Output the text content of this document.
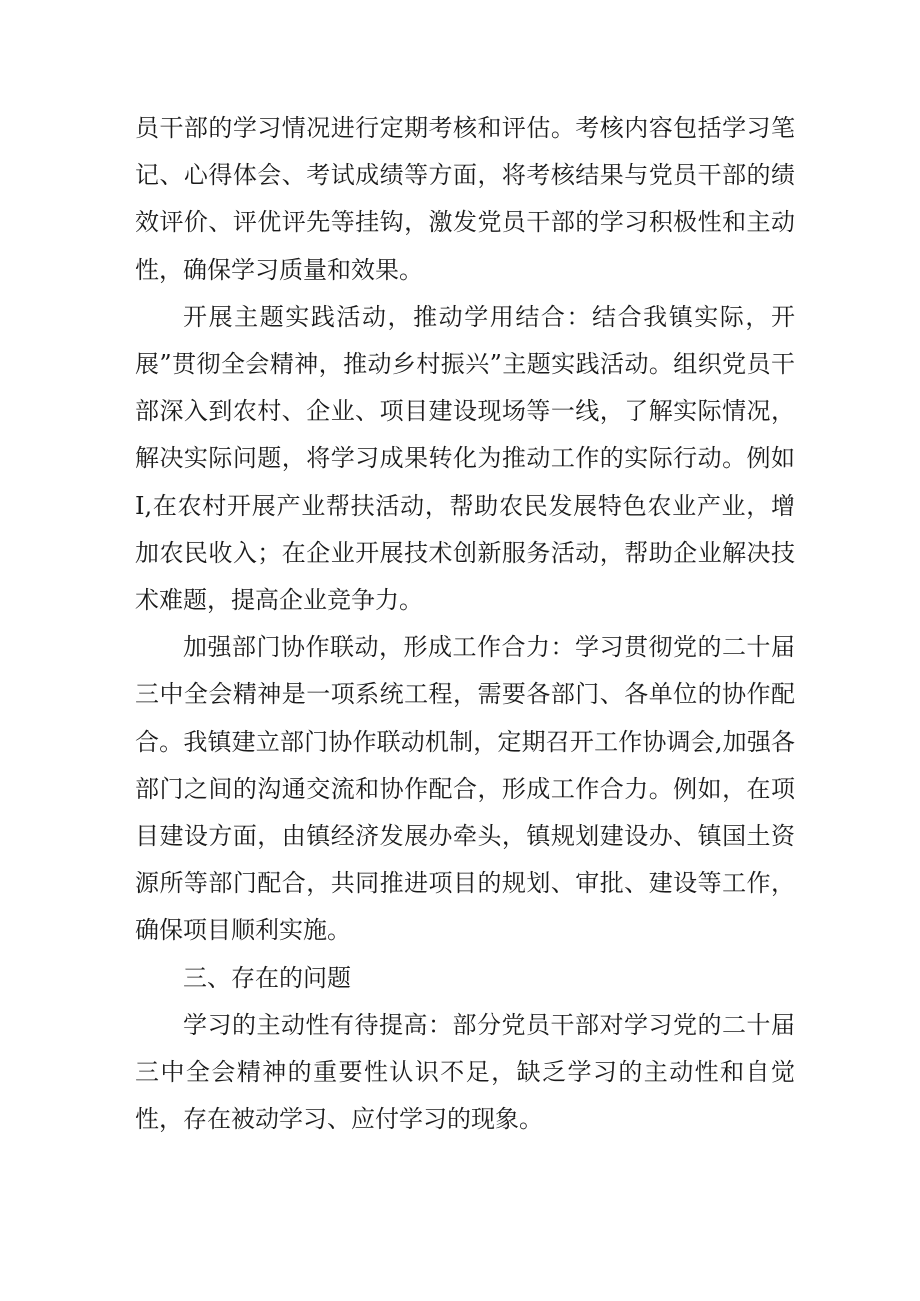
员干部的学习情况进行定期考核和评估。考核内容包括学习笔记、心得体会、考试成绩等方面，将考核结果与党员干部的绩效评价、评优评先等挂钩，激发党员干部的学习积极性和主动性，确保学习质量和效果。

开展主题实践活动，推动学用结合：结合我镇实际，开展”贯彻全会精神，推动乡村振兴”主题实践活动。组织党员干部深入到农村、企业、项目建设现场等一线，了解实际情况，解决实际问题，将学习成果转化为推动工作的实际行动。例如I,在农村开展产业帮扶活动，帮助农民发展特色农业产业，增加农民收入；在企业开展技术创新服务活动，帮助企业解决技术难题，提高企业竞争力。

加强部门协作联动，形成工作合力：学习贯彻党的二十届三中全会精神是一项系统工程，需要各部门、各单位的协作配合。我镇建立部门协作联动机制，定期召开工作协调会,加强各部门之间的沟通交流和协作配合，形成工作合力。例如，在项目建设方面，由镇经济发展办牵头，镇规划建设办、镇国土资源所等部门配合，共同推进项目的规划、审批、建设等工作，确保项目顺利实施。

三、存在的问题

学习的主动性有待提高：部分党员干部对学习党的二十届三中全会精神的重要性认识不足，缺乏学习的主动性和自觉性，存在被动学习、应付学习的现象。
